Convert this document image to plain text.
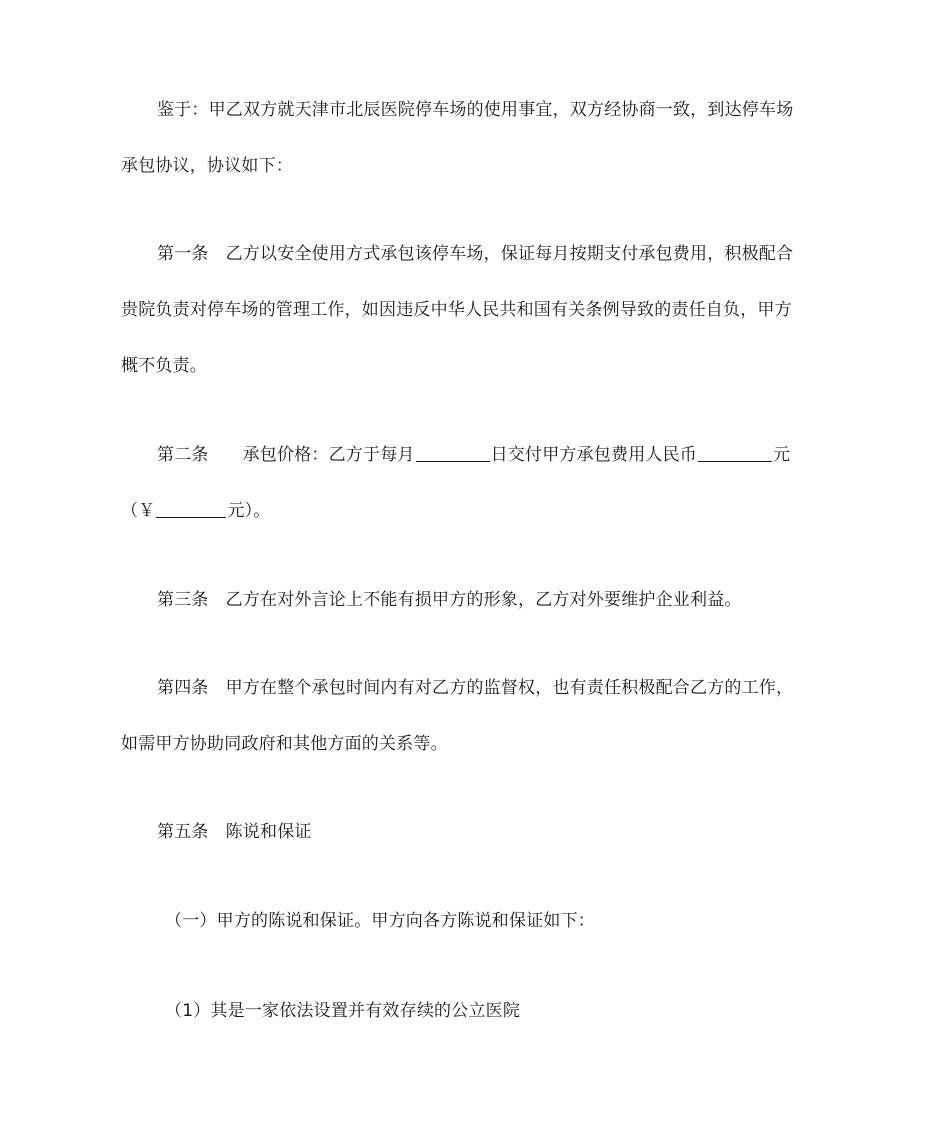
鉴于：甲乙双方就天津市北辰医院停车场的使用事宜，双方经协商一致，到达停车场
承包协议，协议如下：
第一条 乙方以安全使用方式承包该停车场，保证每月按期支付承包费用，积极配合
贵院负责对停车场的管理工作，如因违反中华人民共和国有关条例导致的责任自负，甲方
概不负责。
第二条 承包价格：乙方于每月	日交付甲方承包费用人民币	元
（￥	元）。
第三条 乙方在对外言论上不能有损甲方的形象，乙方对外要维护企业利益。
第四条 甲方在整个承包时间内有对乙方的监督权，也有责任积极配合乙方的工作，
如需甲方协助同政府和其他方面的关系等。
第五条 陈说和保证
（一）甲方的陈说和保证。甲方向各方陈说和保证如下：
（1）其是一家依法设置并有效存续的公立医院
